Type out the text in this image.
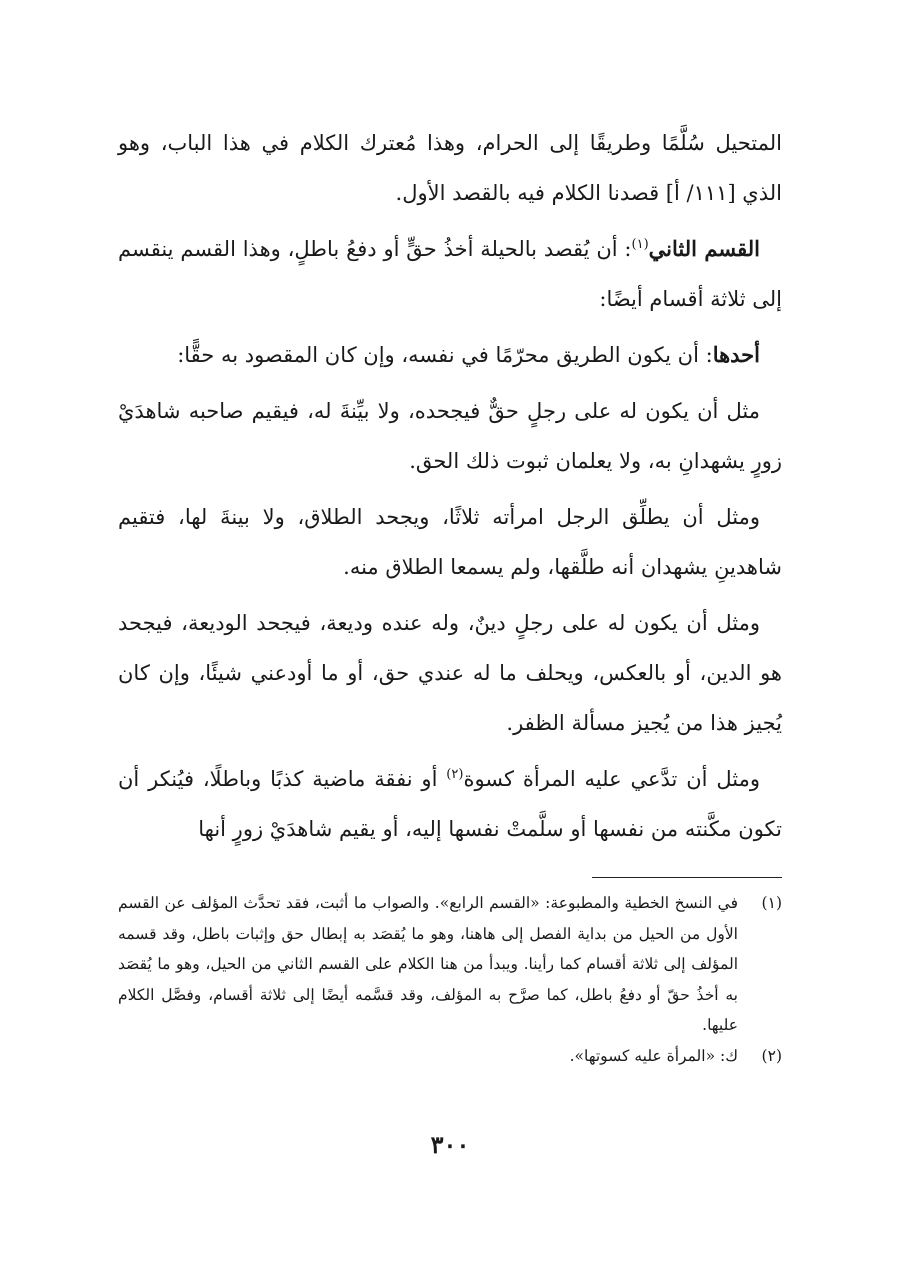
المتحيل سُلَّمًا وطريقًا إلى الحرام، وهذا مُعترك الكلام في هذا الباب، وهو الذي [١١١/ أ] قصدنا الكلام فيه بالقصد الأول.

القسم الثاني$^{(١)}$: أن يُقصد بالحيلة أخذُ حقٍّ أو دفعُ باطلٍ، وهذا القسم ينقسم إلى ثلاثة أقسام أيضًا:

أحدها: أن يكون الطريق محرّمًا في نفسه، وإن كان المقصود به حقًّا:

مثل أن يكون له على رجلٍ حقٌّ فيجحده، ولا بيِّنةَ له، فيقيم صاحبه شاهدَيْ زورٍ يشهدانِ به، ولا يعلمان ثبوت ذلك الحق.

ومثل أن يطلِّق الرجل امرأته ثلاثًا، ويجحد الطلاق، ولا بينةَ لها، فتقيم شاهدينِ يشهدان أنه طلَّقها، ولم يسمعا الطلاق منه.

ومثل أن يكون له على رجلٍ دينٌ، وله عنده وديعة، فيجحد الوديعة، فيجحد هو الدين، أو بالعكس، ويحلف ما له عندي حق، أو ما أودعني شيئًا، وإن كان يُجيز هذا من يُجيز مسألة الظفر.

ومثل أن تدَّعي عليه المرأة كسوة$^{(٢)}$ أو نفقة ماضية كذبًا وباطلًا، فيُنكر أن تكون مكَّنته من نفسها أو سلَّمتْ نفسها إليه، أو يقيم شاهدَيْ زورٍ أنها

(١)
في النسخ الخطية والمطبوعة: «القسم الرابع». والصواب ما أثبت، فقد تحدَّث المؤلف عن القسم الأول من الحيل من بداية الفصل إلى هاهنا، وهو ما يُقصَد به إبطال حق وإثبات باطل، وقد قسمه المؤلف إلى ثلاثة أقسام كما رأينا. ويبدأ من هنا الكلام على القسم الثاني من الحيل، وهو ما يُقصَد به أخذُ حقّ أو دفعُ باطل، كما صرَّح به المؤلف، وقد قسَّمه أيضًا إلى ثلاثة أقسام، وفصَّل الكلام عليها.
(٢)
ك: «المرأة عليه كسوتها».
٣٠٠
